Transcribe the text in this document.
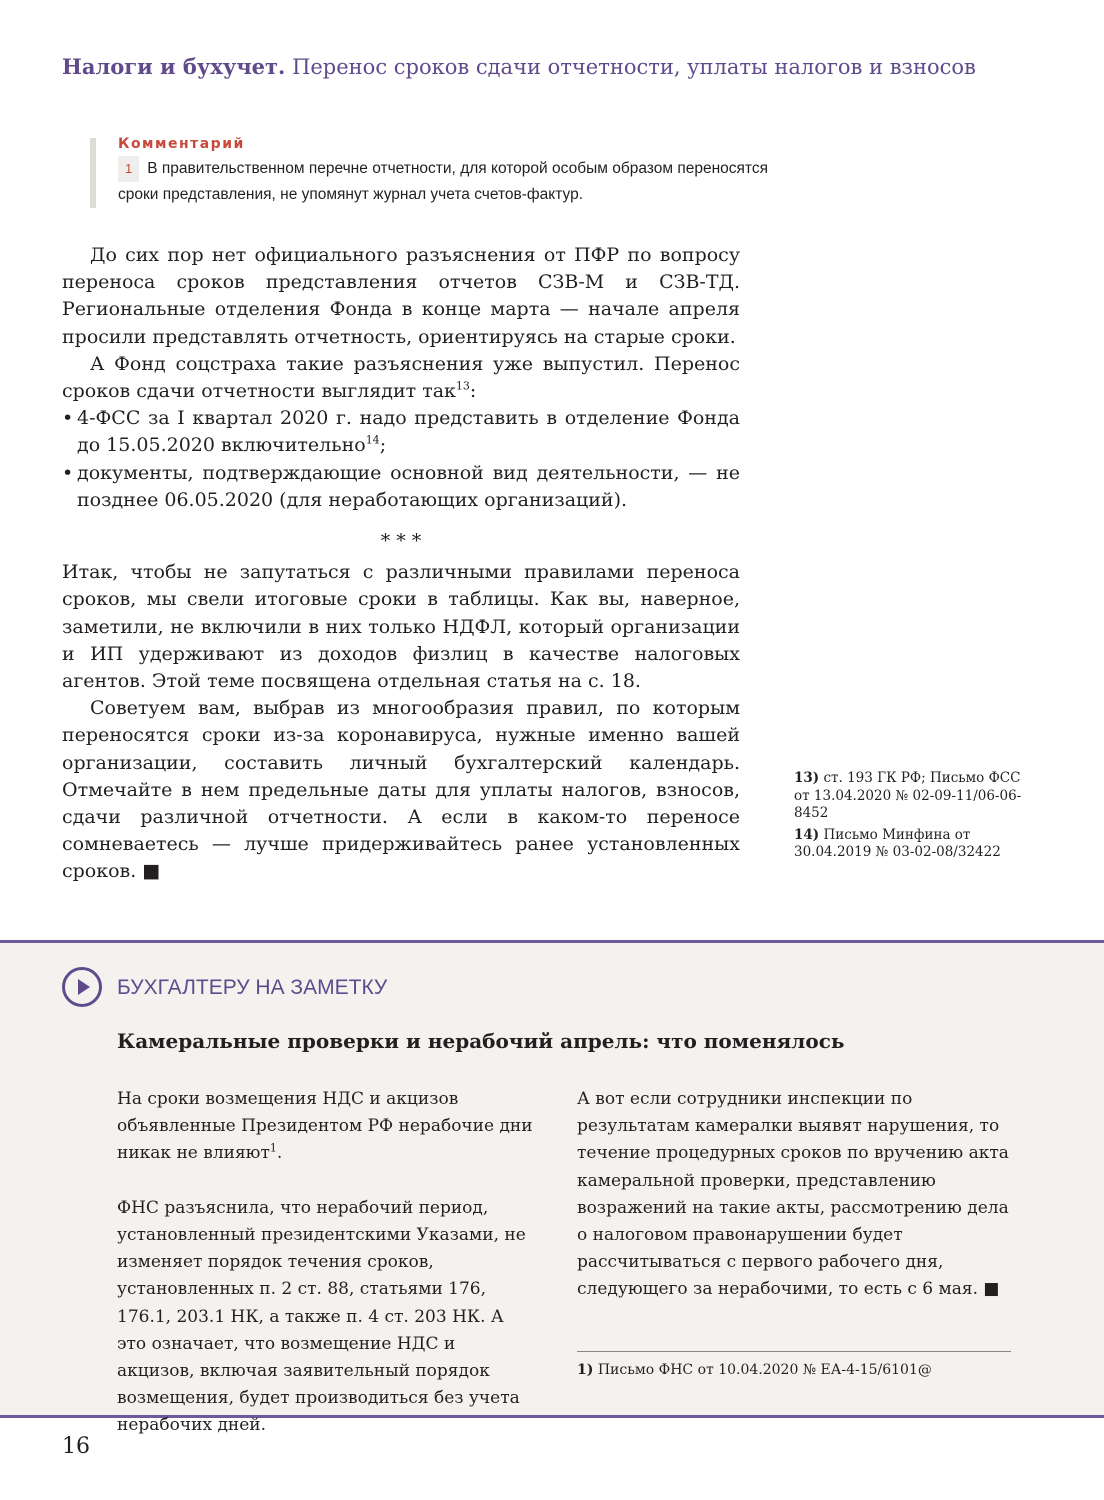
Налоги и бухучет. Перенос сроков сдачи отчетности, уплаты налогов и взносов
Комментарий
1 В правительственном перечне отчетности, для которой особым образом переносятся сроки представления, не упомянут журнал учета счетов-фактур.

До сих пор нет официального разъяснения от ПФР по вопросу переноса сроков представления отчетов СЗВ-М и СЗВ-ТД. Региональные отделения Фонда в конце марта — начале апреля просили представлять отчетность, ориентируясь на старые сроки.

А Фонд соцстраха такие разъяснения уже выпустил. Перенос сроков сдачи отчетности выглядит так$^{13}$:

• 4-ФСС за I квартал 2020 г. надо представить в отделение Фонда до 15.05.2020 включительно$^{14}$;
• документы, подтверждающие основной вид деятельности, — не позднее 06.05.2020 (для неработающих организаций).

* * *

Итак, чтобы не запутаться с различными правилами переноса сроков, мы свели итоговые сроки в таблицы. Как вы, наверное, заметили, не включили в них только НДФЛ, который организации и ИП удерживают из доходов физлиц в качестве налоговых агентов. Этой теме посвящена отдельная статья на с. 18.

Советуем вам, выбрав из многообразия правил, по которым переносятся сроки из-за коронавируса, нужные именно вашей организации, составить личный бухгалтерский календарь. Отмечайте в нем предельные даты для уплаты налогов, взносов, сдачи различной отчетности. А если в каком-то переносе сомневаетесь — лучше придерживайтесь ранее установленных сроков. ■

13) ст. 193 ГК РФ; Письмо ФСС от 13.04.2020 № 02-09-11/06-06-8452

14) Письмо Минфина от 30.04.2019 № 03-02-08/32422

БУХГАЛТЕРУ НА ЗАМЕТКУ
Камеральные проверки и нерабочий апрель: что поменялось

На сроки возмещения НДС и акцизов объявленные Президентом РФ нерабочие дни никак не влияют$^1$.

ФНС разъяснила, что нерабочий период, установленный президентскими Указами, не изменяет порядок течения сроков, установленных п. 2 ст. 88, статьями 176, 176.1, 203.1 НК, а также п. 4 ст. 203 НК. А это означает, что возмещение НДС и акцизов, включая заявительный порядок возмещения, будет производиться без учета нерабочих дней.

А вот если сотрудники инспекции по результатам камералки выявят нарушения, то течение процедурных сроков по вручению акта камеральной проверки, представлению возражений на такие акты, рассмотрению дела о налоговом правонарушении будет рассчитываться с первого рабочего дня, следующего за нерабочими, то есть с 6 мая. ■

1) Письмо ФНС от 10.04.2020 № ЕА-4-15/6101@
16
